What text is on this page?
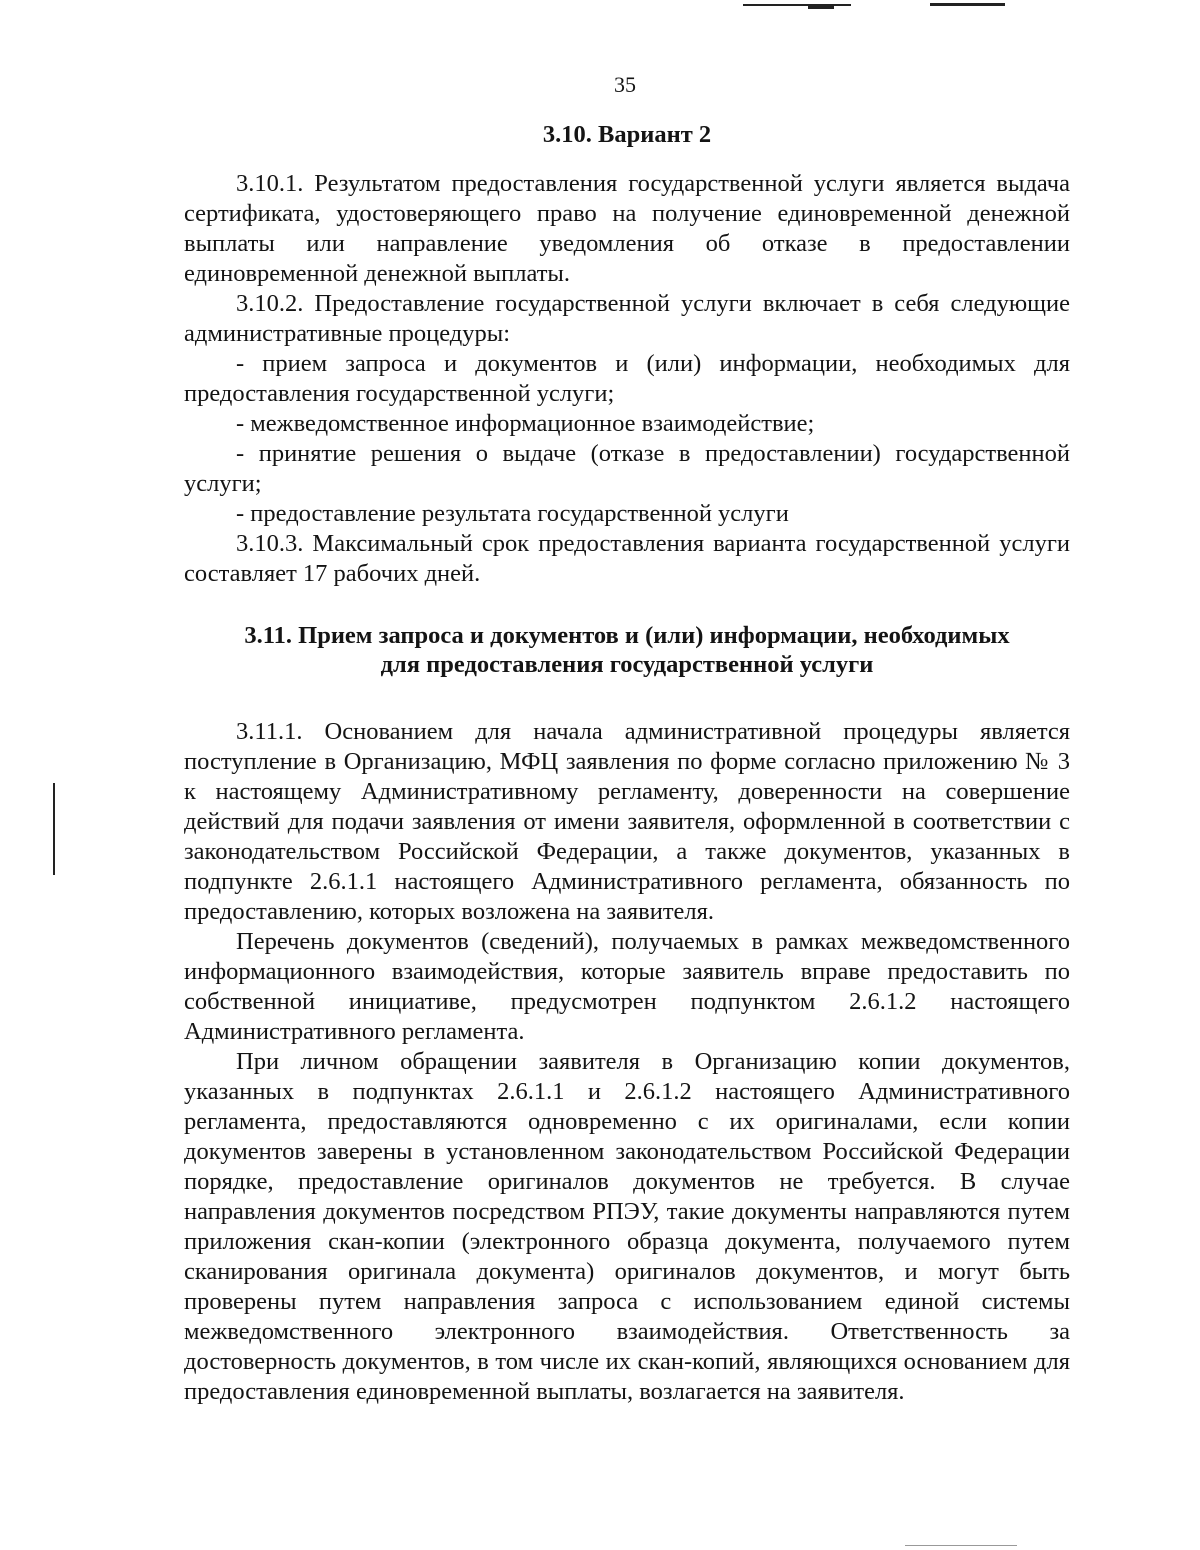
35
3.10. Вариант 2

3.10.1. Результатом предоставления государственной услуги является выдача сертификата, удостоверяющего право на получение единовременной денежной выплаты или направление уведомления об отказе в предоставлении единовременной денежной выплаты.

3.10.2. Предоставление государственной услуги включает в себя следующие административные процедуры:

- прием запроса и документов и (или) информации, необходимых для предоставления государственной услуги;

- межведомственное информационное взаимодействие;

- принятие решения о выдаче (отказе в предоставлении) государственной услуги;

- предоставление результата государственной услуги

3.10.3. Максимальный срок предоставления варианта государственной услуги составляет 17 рабочих дней.

3.11. Прием запроса и документов и (или) информации, необходимых
для предоставления государственной услуги

3.11.1. Основанием для начала административной процедуры является поступление в Организацию, МФЦ заявления по форме согласно приложению № 3 к настоящему Административному регламенту, доверенности на совершение действий для подачи заявления от имени заявителя, оформленной в соответствии с законодательством Российской Федерации, а также документов, указанных в подпункте 2.6.1.1 настоящего Административного регламента, обязанность по предоставлению, которых возложена на заявителя.

Перечень документов (сведений), получаемых в рамках межведомственного информационного взаимодействия, которые заявитель вправе предоставить по собственной инициативе, предусмотрен подпунктом 2.6.1.2 настоящего Административного регламента.

При личном обращении заявителя в Организацию копии документов, указанных в подпунктах 2.6.1.1 и 2.6.1.2 настоящего Административного регламента, предоставляются одновременно с их оригиналами, если копии документов заверены в установленном законодательством Российской Федерации порядке, предоставление оригиналов документов не требуется. В случае направления документов посредством РПЭУ, такие документы направляются путем приложения скан-копии (электронного образца документа, получаемого путем сканирования оригинала документа) оригиналов документов, и могут быть проверены путем направления запроса с использованием единой системы межведомственного электронного взаимодействия. Ответственность за достоверность документов, в том числе их скан-копий, являющихся основанием для предоставления единовременной выплаты, возлагается на заявителя.
